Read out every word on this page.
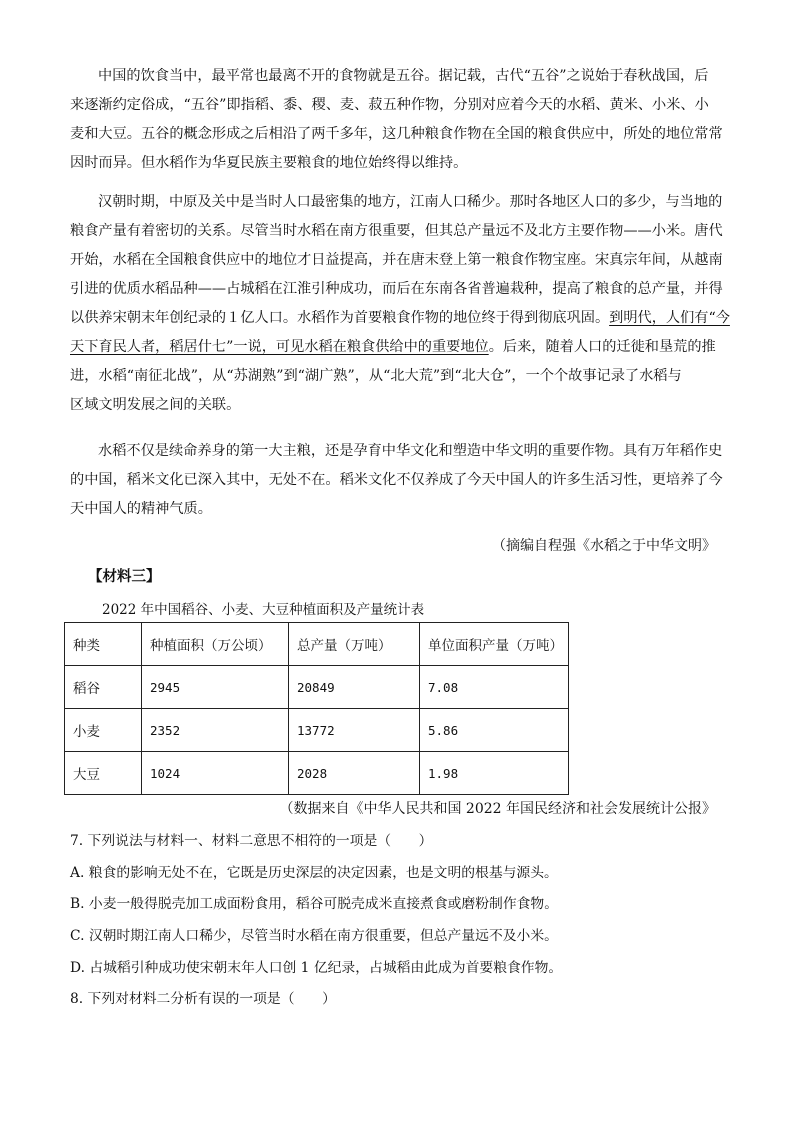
中国的饮食当中，最平常也最离不开的食物就是五谷。据记载，古代“五谷”之说始于春秋战国，后
来逐渐约定俗成，“五谷”即指稻、黍、稷、麦、菽五种作物，分别对应着今天的水稻、黄米、小米、小
麦和大豆。五谷的概念形成之后相沿了两千多年，这几种粮食作物在全国的粮食供应中，所处的地位常常
因时而异。但水稻作为华夏民族主要粮食的地位始终得以维持。
汉朝时期，中原及关中是当时人口最密集的地方，江南人口稀少。那时各地区人口的多少，与当地的
粮食产量有着密切的关系。尽管当时水稻在南方很重要，但其总产量远不及北方主要作物——小米。唐代
开始，水稻在全国粮食供应中的地位才日益提高，并在唐末登上第一粮食作物宝座。宋真宗年间，从越南
引进的优质水稻品种——占城稻在江淮引种成功，而后在东南各省普遍栽种，提高了粮食的总产量，并得
以供养宋朝末年创纪录的１亿人口。水稻作为首要粮食作物的地位终于得到彻底巩固。到明代，人们有“今
天下育民人者，稻居什七”一说，可见水稻在粮食供给中的重要地位。后来，随着人口的迁徙和垦荒的推
进，水稻“南征北战”，从“苏湖熟”到“湖广熟”，从“北大荒”到“北大仓”，一个个故事记录了水稻与
区域文明发展之间的关联。
水稻不仅是续命养身的第一大主粮，还是孕育中华文化和塑造中华文明的重要作物。具有万年稻作史
的中国，稻米文化已深入其中，无处不在。稻米文化不仅养成了今天中国人的许多生活习性，更培养了今
天中国人的精神气质。

（摘编自程强《水稻之于中华文明》

【材料三】

2022 年中国稻谷、小麦、大豆种植面积及产量统计表

种类	种植面积（万公顷）	总产量（万吨）	单位面积产量（万吨）
稻谷	2945	20849	7.08
小麦	2352	13772	5.86
大豆	1024	2028	1.98

（数据来自《中华人民共和国 2022 年国民经济和社会发展统计公报》

7. 下列说法与材料一、材料二意思不相符的一项是（　　）

A. 粮食的影响无处不在，它既是历史深层的决定因素，也是文明的根基与源头。

B. 小麦一般得脱壳加工成面粉食用，稻谷可脱壳成米直接煮食或磨粉制作食物。

C. 汉朝时期江南人口稀少，尽管当时水稻在南方很重要，但总产量远不及小米。

D. 占城稻引种成功使宋朝末年人口创 1 亿纪录，占城稻由此成为首要粮食作物。

8. 下列对材料二分析有误的一项是（　　）
